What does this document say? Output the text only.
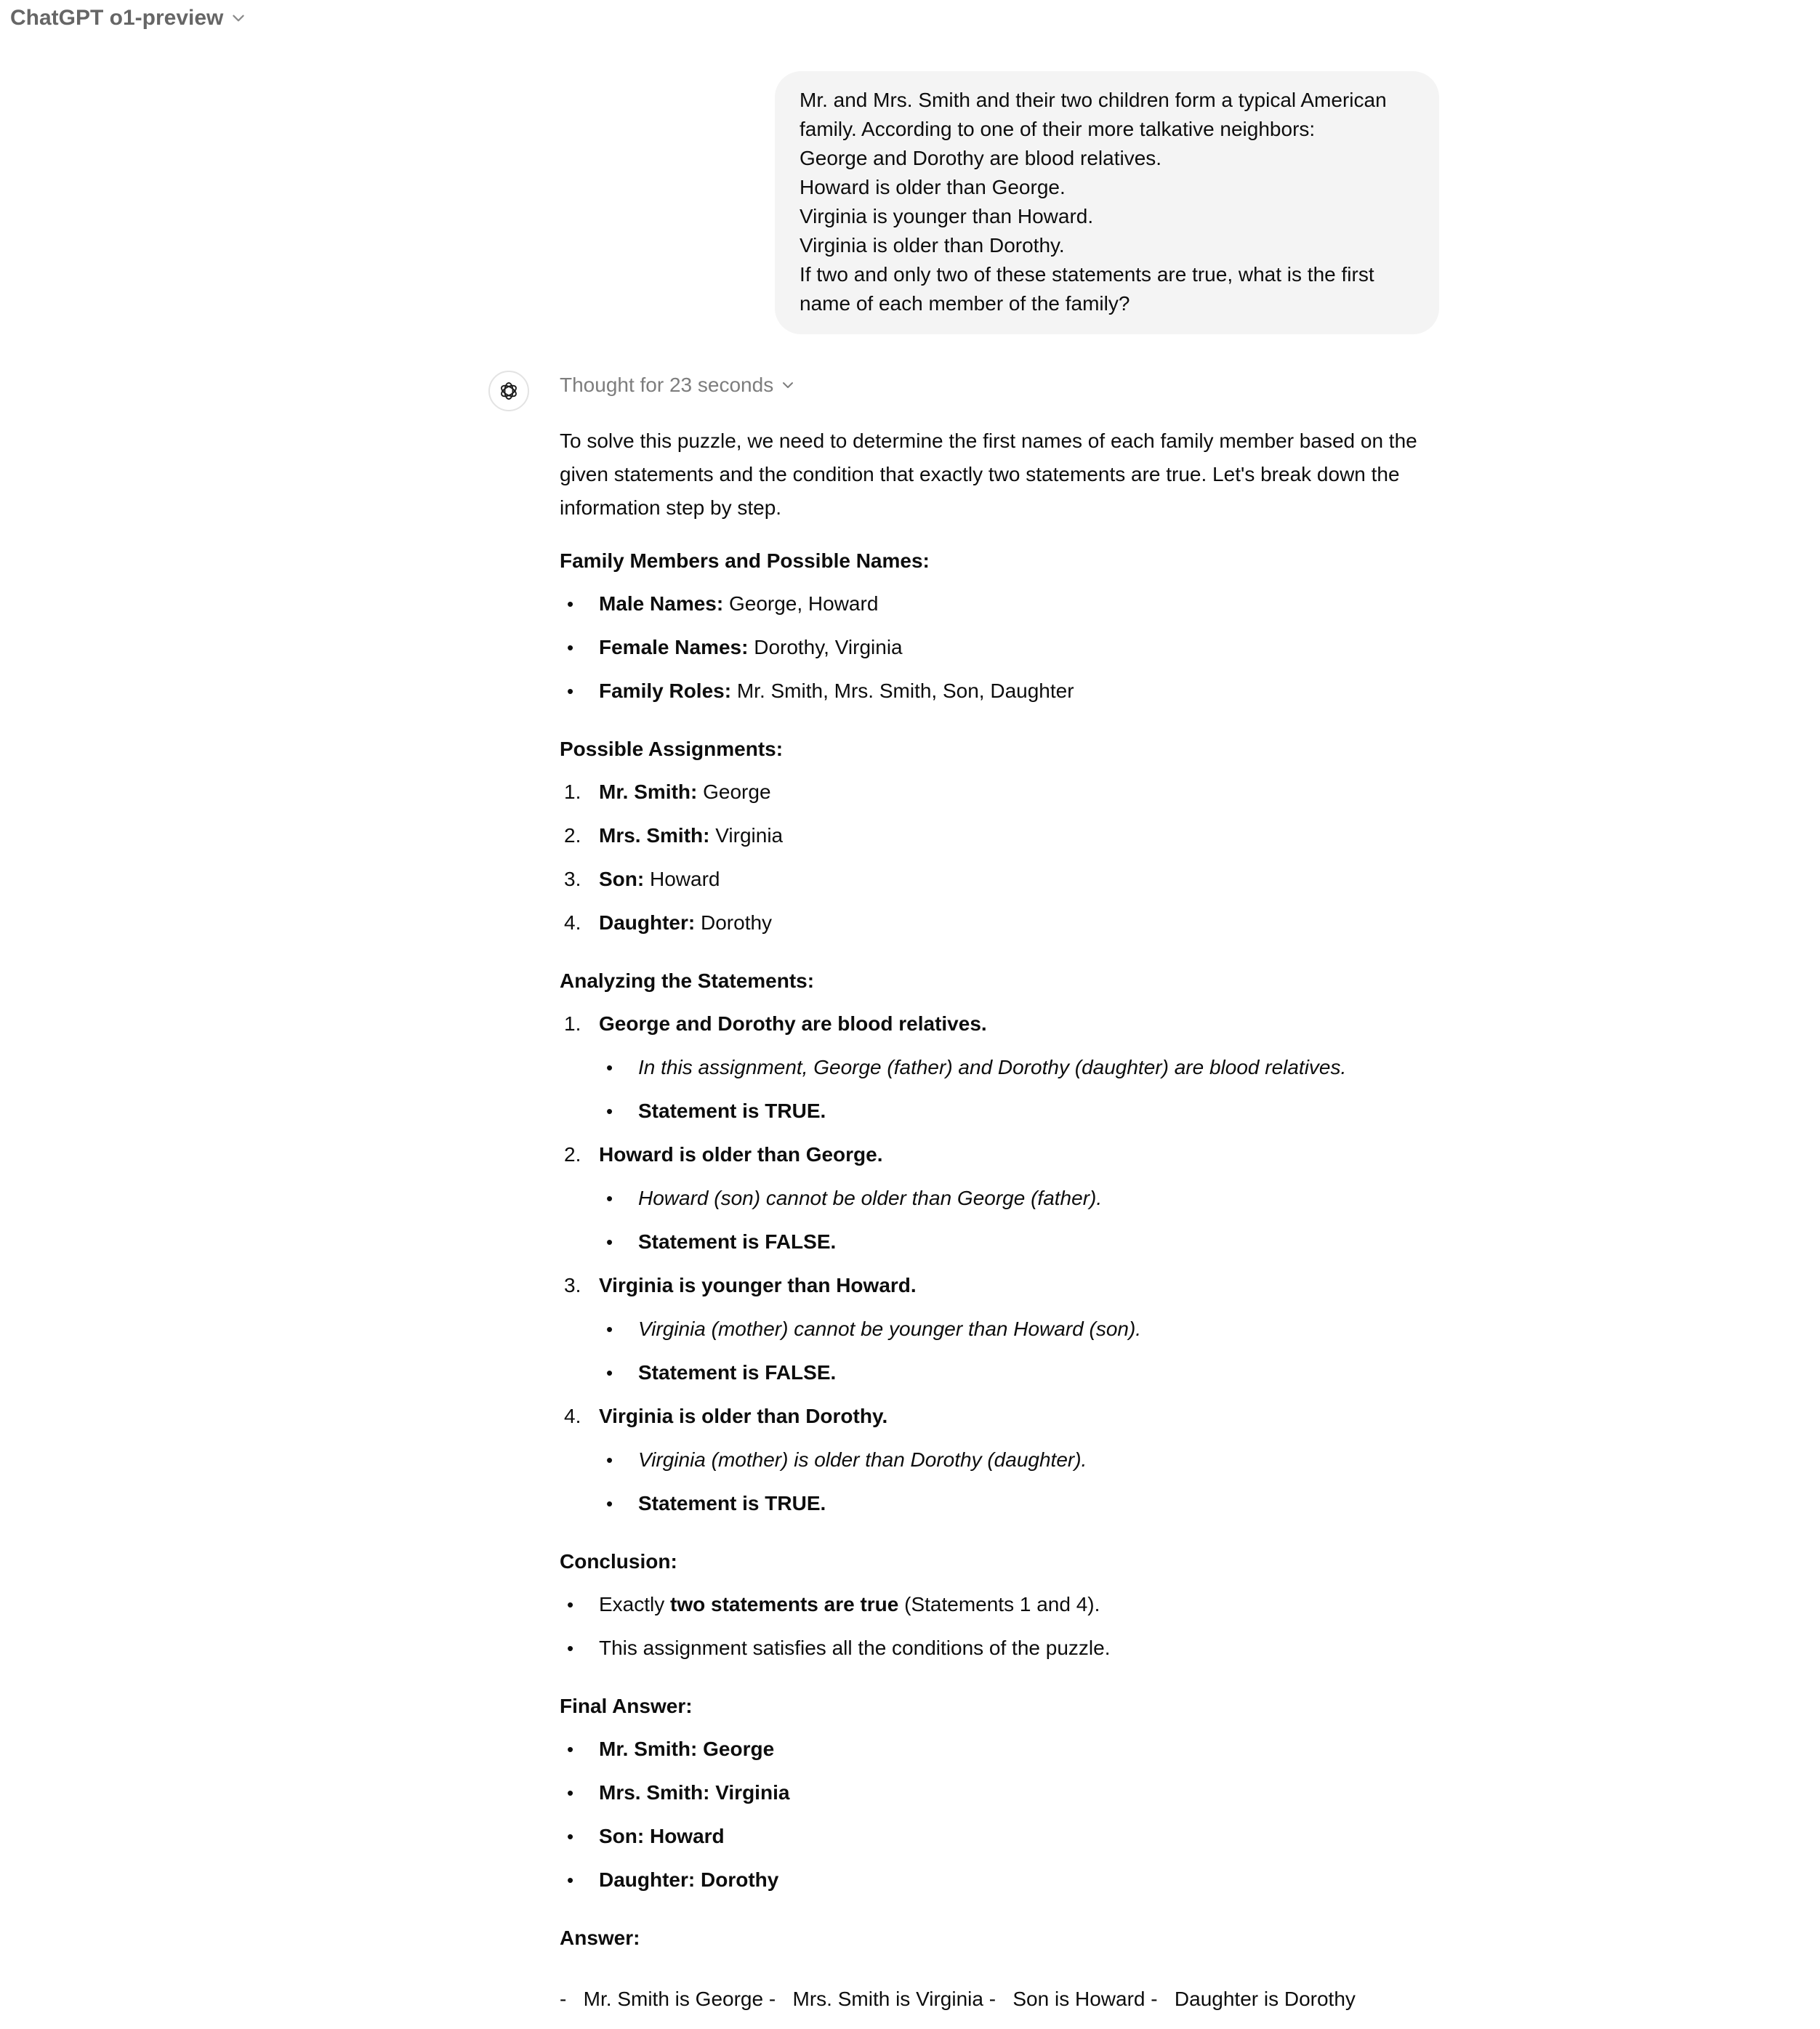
ChatGPT o1-preview
Mr. and Mrs. Smith and their two children form a typical American
family. According to one of their more talkative neighbors:
George and Dorothy are blood relatives.
Howard is older than George.
Virginia is younger than Howard.
Virginia is older than Dorothy.
If two and only two of these statements are true, what is the first
name of each member of the family?
Thought for 23 seconds

To solve this puzzle, we need to determine the first names of each family member based on the
given statements and the condition that exactly two statements are true. Let's break down the
information step by step.

Family Members and Possible Names:

• Male Names: George, Howard
• Female Names: Dorothy, Virginia
• Family Roles: Mr. Smith, Mrs. Smith, Son, Daughter

Possible Assignments:

1. Mr. Smith: George
2. Mrs. Smith: Virginia
3. Son: Howard
4. Daughter: Dorothy

Analyzing the Statements:

1. George and Dorothy are blood relatives.
• In this assignment, George (father) and Dorothy (daughter) are blood relatives.
• Statement is TRUE.
2. Howard is older than George.
• Howard (son) cannot be older than George (father).
• Statement is FALSE.
3. Virginia is younger than Howard.
• Virginia (mother) cannot be younger than Howard (son).
• Statement is FALSE.
4. Virginia is older than Dorothy.
• Virginia (mother) is older than Dorothy (daughter).
• Statement is TRUE.

Conclusion:

• Exactly two statements are true (Statements 1 and 4).
• This assignment satisfies all the conditions of the puzzle.

Final Answer:

• Mr. Smith: George
• Mrs. Smith: Virginia
• Son: Howard
• Daughter: Dorothy

Answer:

-   Mr. Smith is George -   Mrs. Smith is Virginia -   Son is Howard -   Daughter is Dorothy
